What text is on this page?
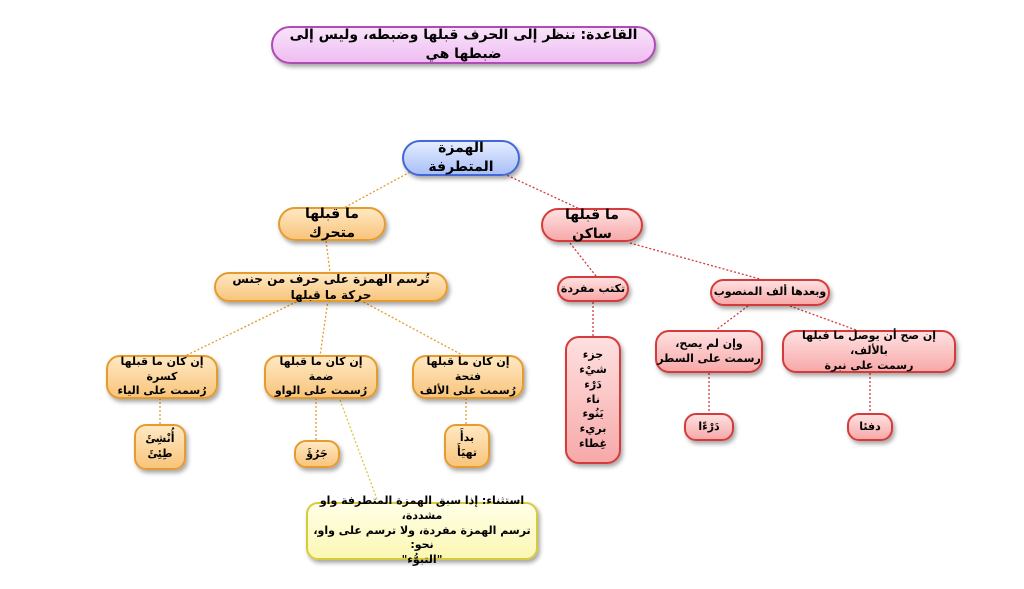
القاعدة: ننظر إلى الحرف قبلها وضبطه، وليس إلى ضبطها هي
الهمزة المتطرفة
ما قبلها متحرك
تُرسم الهمزة على حرف من جنس حركة ما قبلها
إن كان ما قبلها كسرة
رُسمت على الياء
إن كان ما قبلها ضمة
رُسمت على الواو
إن كان ما قبلها فتحة
رُسمت على الألف
أُنْشِئَ
طِئِئَ	جَرُؤَ
بدأَ
تهيَأَ
استثناء: إذا سبق الهمزة المتطرفة واو مشددة،
ترسم الهمزة مفردة، ولا ترسم على واو، نحو:
"التبوُّء"
ما قبلها ساكن
تكتب مفردة
جزء
شيْء
دَرْء
ناء
يَنُوء
بريء
غِطاء
وبعدها ألف المنصوب
وإن لم يصح،
رسمت على السطر
إن صح أن يوصل ما قبلها بالألف،
رسمت على نبرة
دَرْءًا	دفئا
